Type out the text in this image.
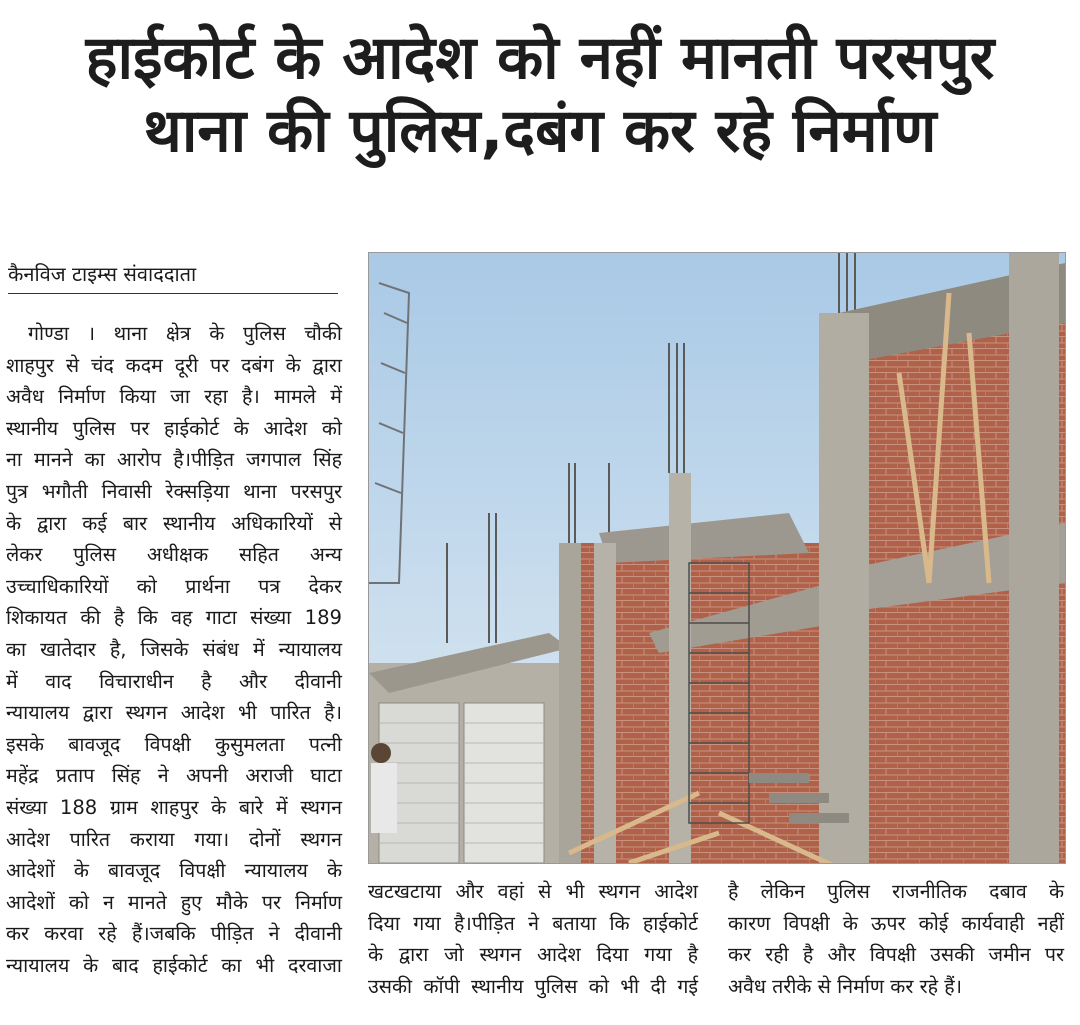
हाईकोर्ट के आदेश को नहीं मानती परसपुर
थाना की पुलिस,दबंग कर रहे निर्माण
कैनविज टाइम्स संवाददाता

गोण्डा । थाना क्षेत्र के पुलिस चौकी

शाहपुर से चंद कदम दूरी पर दबंग के द्वारा

अवैध निर्माण किया जा रहा है। मामले में

स्थानीय पुलिस पर हाईकोर्ट के आदेश को

ना मानने का आरोप है।पीड़ित जगपाल सिंह

पुत्र भगौती निवासी रेक्सड़िया थाना परसपुर

के द्वारा कई बार स्थानीय अधिकारियों से

लेकर पुलिस अधीक्षक सहित अन्य

उच्चाधिकारियों को प्रार्थना पत्र देकर

शिकायत की है कि वह गाटा संख्या 189

का खातेदार है, जिसके संबंध में न्यायालय

में वाद विचाराधीन है और दीवानी

न्यायालय द्वारा स्थगन आदेश भी पारित है।

इसके बावजूद विपक्षी कुसुमलता पत्नी

महेंद्र प्रताप सिंह ने अपनी अराजी घाटा

संख्या 188 ग्राम शाहपुर के बारे में स्थगन

आदेश पारित कराया गया। दोनों स्थगन

आदेशों के बावजूद विपक्षी न्यायालय के

आदेशों को न मानते हुए मौके पर निर्माण

कर करवा रहे हैं।जबकि पीड़ित ने दीवानी

न्यायालय के बाद हाईकोर्ट का भी दरवाजा

खटखटाया और वहां से भी स्थगन आदेश

दिया गया है।पीड़ित ने बताया कि हाईकोर्ट

के द्वारा जो स्थगन आदेश दिया गया है

उसकी कॉपी स्थानीय पुलिस को भी दी गई

है लेकिन पुलिस राजनीतिक दबाव के

कारण विपक्षी के ऊपर कोई कार्यवाही नहीं

कर रही है और विपक्षी उसकी जमीन पर

अवैध तरीके से निर्माण कर रहे हैं।
